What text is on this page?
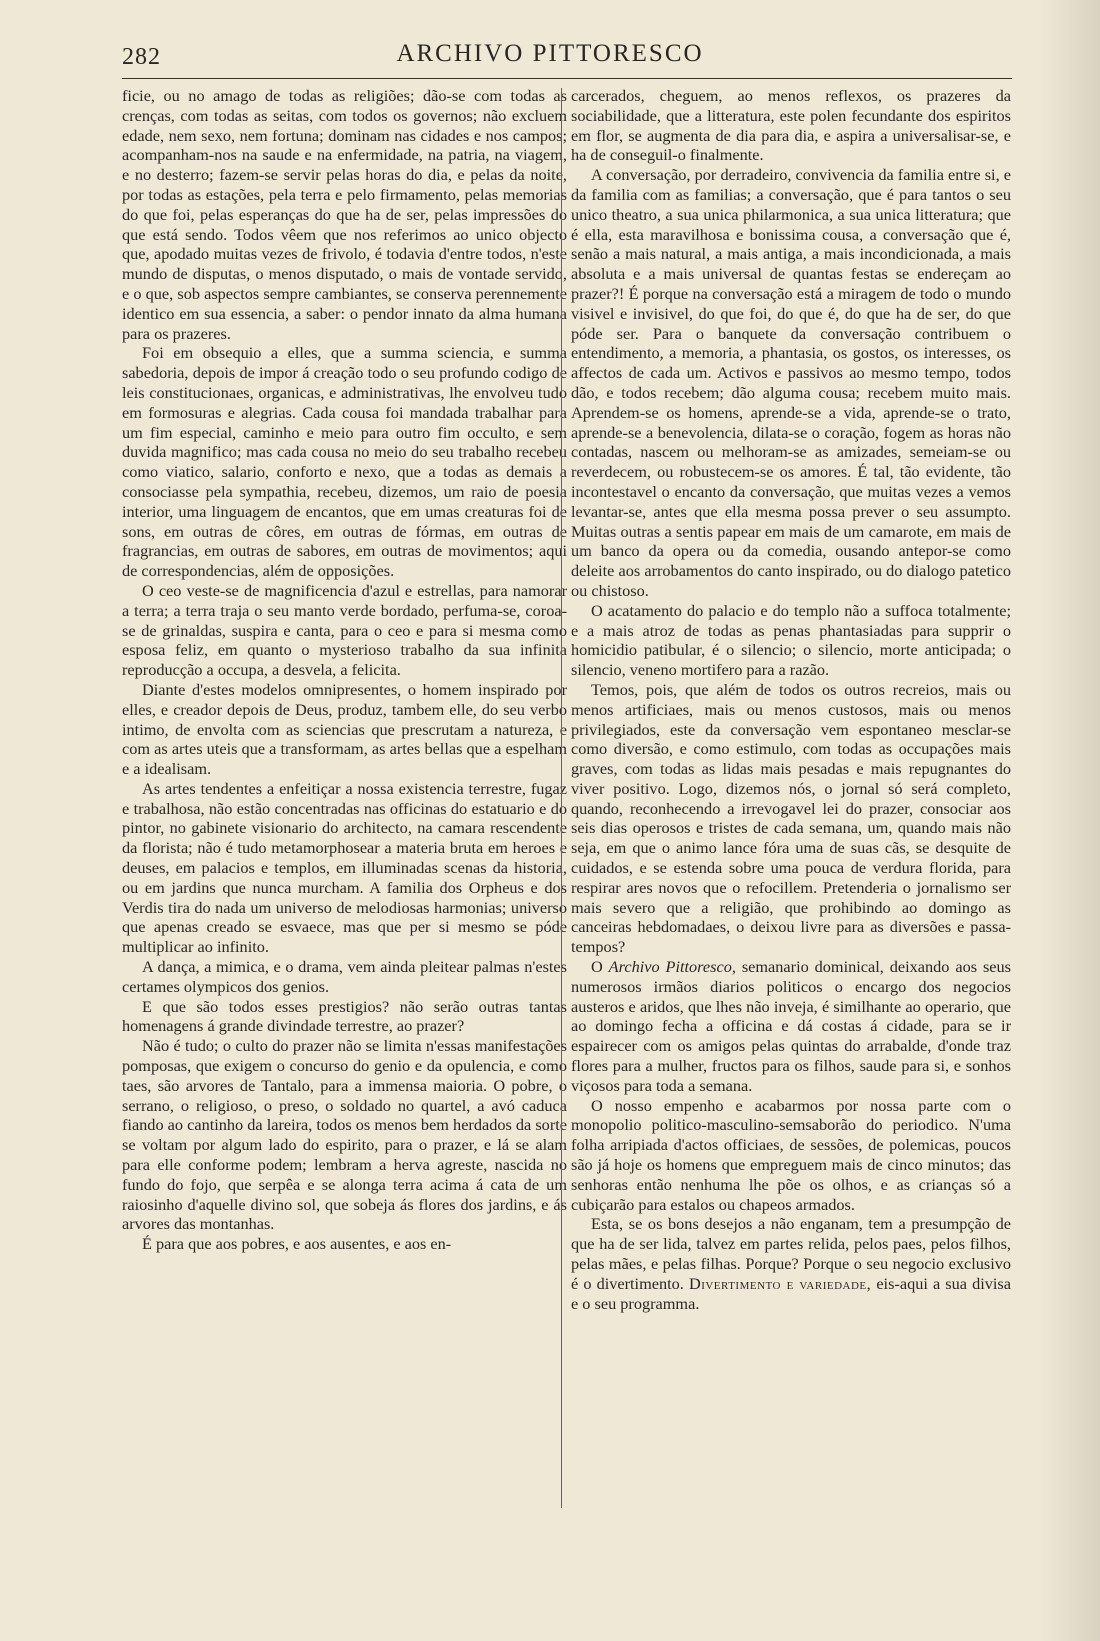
282	ARCHIVO PITTORESCO

ficie, ou no amago de todas as religiões; dão-se com todas as crenças, com todas as seitas, com todos os governos; não excluem edade, nem sexo, nem fortuna; dominam nas cidades e nos campos; acompanham-nos na saude e na enfermidade, na patria, na viagem, e no desterro; fazem-se servir pelas horas do dia, e pelas da noite, por todas as estações, pela terra e pelo firmamento, pelas memorias do que foi, pelas esperanças do que ha de ser, pelas impressões do que está sendo. Todos vêem que nos referimos ao unico objecto que, apodado muitas vezes de frivolo, é todavia d'entre todos, n'este mundo de disputas, o menos disputado, o mais de vontade servido, e o que, sob aspectos sempre cambiantes, se conserva perennemente identico em sua essencia, a saber: o pendor innato da alma humana para os prazeres.

Foi em obsequio a elles, que a summa sciencia, e summa sabedoria, depois de impor á creação todo o seu profundo codigo de leis constitucionaes, organicas, e administrativas, lhe envolveu tudo em formosuras e alegrias. Cada cousa foi mandada trabalhar para um fim especial, caminho e meio para outro fim occulto, e sem duvida magnifico; mas cada cousa no meio do seu trabalho recebeu como viatico, salario, conforto e nexo, que a todas as demais a consociasse pela sympathia, recebeu, dizemos, um raio de poesia interior, uma linguagem de encantos, que em umas creaturas foi de sons, em outras de côres, em outras de fórmas, em outras de fragrancias, em outras de sabores, em outras de movimentos; aqui de correspondencias, além de opposições.

O ceo veste-se de magnificencia d'azul e estrellas, para namorar a terra; a terra traja o seu manto verde bordado, perfuma-se, coroa-se de grinaldas, suspira e canta, para o ceo e para si mesma como esposa feliz, em quanto o mysterioso trabalho da sua infinita reproducção a occupa, a desvela, a felicita.

Diante d'estes modelos omnipresentes, o homem inspirado por elles, e creador depois de Deus, produz, tambem elle, do seu verbo intimo, de envolta com as sciencias que prescrutam a natureza, e com as artes uteis que a transformam, as artes bellas que a espelham e a idealisam.

As artes tendentes a enfeitiçar a nossa existencia terrestre, fugaz e trabalhosa, não estão concentradas nas officinas do estatuario e do pintor, no gabinete visionario do architecto, na camara rescendente da florista; não é tudo metamorphosear a materia bruta em heroes e deuses, em palacios e templos, em illuminadas scenas da historia, ou em jardins que nunca murcham. A familia dos Orpheus e dos Verdis tira do nada um universo de melodiosas harmonias; universo que apenas creado se esvaece, mas que per si mesmo se póde multiplicar ao infinito.

A dança, a mimica, e o drama, vem ainda pleitear palmas n'estes certames olympicos dos genios.

E que são todos esses prestigios? não serão outras tantas homenagens á grande divindade terrestre, ao prazer?

Não é tudo; o culto do prazer não se limita n'essas manifestações pomposas, que exigem o concurso do genio e da opulencia, e como taes, são arvores de Tantalo, para a immensa maioria. O pobre, o serrano, o religioso, o preso, o soldado no quartel, a avó caduca fiando ao cantinho da lareira, todos os menos bem herdados da sorte se voltam por algum lado do espirito, para o prazer, e lá se alam para elle conforme podem; lembram a herva agreste, nascida no fundo do fojo, que serpêa e se alonga terra acima á cata de um raiosinho d'aquelle divino sol, que sobeja ás flores dos jardins, e ás arvores das montanhas.

É para que aos pobres, e aos ausentes, e aos en-

carcerados, cheguem, ao menos reflexos, os prazeres da sociabilidade, que a litteratura, este polen fecundante dos espiritos em flor, se augmenta de dia para dia, e aspira a universalisar-se, e ha de conseguil-o finalmente.

A conversação, por derradeiro, convivencia da familia entre si, e da familia com as familias; a conversação, que é para tantos o seu unico theatro, a sua unica philarmonica, a sua unica litteratura; que é ella, esta maravilhosa e bonissima cousa, a conversação que é, senão a mais natural, a mais antiga, a mais incondicionada, a mais absoluta e a mais universal de quantas festas se endereçam ao prazer?! É porque na conversação está a miragem de todo o mundo visivel e invisivel, do que foi, do que é, do que ha de ser, do que póde ser. Para o banquete da conversação contribuem o entendimento, a memoria, a phantasia, os gostos, os interesses, os affectos de cada um. Activos e passivos ao mesmo tempo, todos dão, e todos recebem; dão alguma cousa; recebem muito mais. Aprendem-se os homens, aprende-se a vida, aprende-se o trato, aprende-se a benevolencia, dilata-se o coração, fogem as horas não contadas, nascem ou melhoram-se as amizades, semeiam-se ou reverdecem, ou robustecem-se os amores. É tal, tão evidente, tão incontestavel o encanto da conversação, que muitas vezes a vemos levantar-se, antes que ella mesma possa prever o seu assumpto. Muitas outras a sentis papear em mais de um camarote, em mais de um banco da opera ou da comedia, ousando antepor-se como deleite aos arrobamentos do canto inspirado, ou do dialogo patetico ou chistoso.

O acatamento do palacio e do templo não a suffoca totalmente; e a mais atroz de todas as penas phantasiadas para supprir o homicidio patibular, é o silencio; o silencio, morte anticipada; o silencio, veneno mortifero para a razão.

Temos, pois, que além de todos os outros recreios, mais ou menos artificiaes, mais ou menos custosos, mais ou menos privilegiados, este da conversação vem espontaneo mesclar-se como diversão, e como estimulo, com todas as occupações mais graves, com todas as lidas mais pesadas e mais repugnantes do viver positivo. Logo, dizemos nós, o jornal só será completo, quando, reconhecendo a irrevogavel lei do prazer, consociar aos seis dias operosos e tristes de cada semana, um, quando mais não seja, em que o animo lance fóra uma de suas cãs, se desquite de cuidados, e se estenda sobre uma pouca de verdura florida, para respirar ares novos que o refocillem. Pretenderia o jornalismo ser mais severo que a religião, que prohibindo ao domingo as canceiras hebdomadaes, o deixou livre para as diversões e passa-tempos?

O Archivo Pittoresco, semanario dominical, deixando aos seus numerosos irmãos diarios politicos o encargo dos negocios austeros e aridos, que lhes não inveja, é similhante ao operario, que ao domingo fecha a officina e dá costas á cidade, para se ir espairecer com os amigos pelas quintas do arrabalde, d'onde traz flores para a mulher, fructos para os filhos, saude para si, e sonhos viçosos para toda a semana.

O nosso empenho e acabarmos por nossa parte com o monopolio politico-masculino-semsaborão do periodico. N'uma folha arripiada d'actos officiaes, de sessões, de polemicas, poucos são já hoje os homens que empreguem mais de cinco minutos; das senhoras então nenhuma lhe põe os olhos, e as crianças só a cubiçarão para estalos ou chapeos armados.

Esta, se os bons desejos a não enganam, tem a presumpção de que ha de ser lida, talvez em partes relida, pelos paes, pelos filhos, pelas mães, e pelas filhas. Porque? Porque o seu negocio exclusivo é o divertimento. Divertimento e variedade, eis-aqui a sua divisa e o seu programma.
